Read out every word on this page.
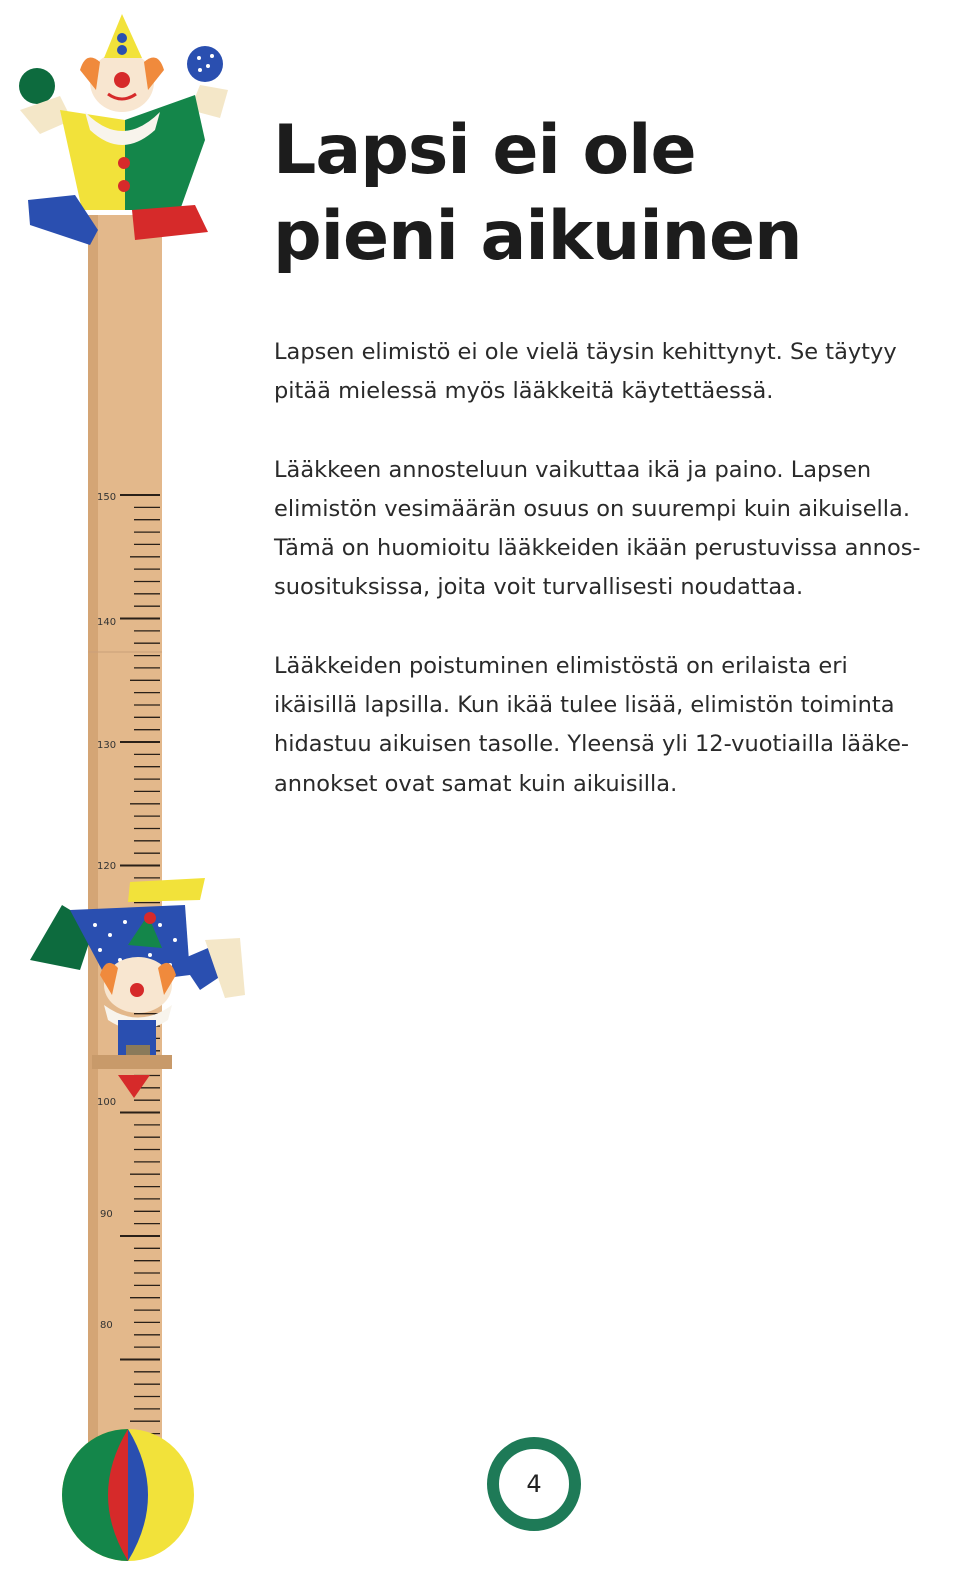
150
140
130
120
100
90
80
Lapsi ei ole
pieni aikuinen

Lapsen elimistö ei ole vielä täysin kehittynyt. Se täytyy
pitää mielessä myös lääkkeitä käytettäessä.

Lääkkeen annosteluun vaikuttaa ikä ja paino. Lapsen
elimistön vesimäärän osuus on suurempi kuin aikuisella.
Tämä on huomioitu lääkkeiden ikään perustuvissa annos-
suosituksissa, joita voit turvallisesti noudattaa.

Lääkkeiden poistuminen elimistöstä on erilaista eri
ikäisillä lapsilla. Kun ikää tulee lisää, elimistön toiminta
hidastuu aikuisen tasolle. Yleensä yli 12-vuotiailla lääke-
annokset ovat samat kuin aikuisilla.

4
